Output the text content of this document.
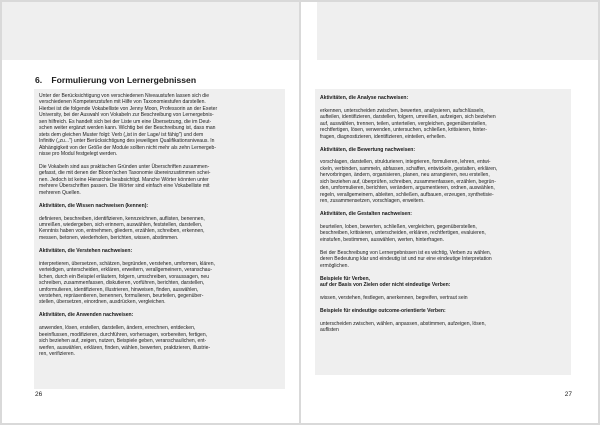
6. Formulierung von Lernergebnissen

Unter der Berücksichtigung von verschiedenen Niveaustufen lassen sich die

verschiedenen Kompetenzstufen mit Hilfe von Taxonomiestufen darstellen.

Hierbei ist die folgende Vokabelliste von Jenny Moon, Professorin an der Exeter

University, bei der Auswahl von Vokabeln zur Beschreibung von Lernergebnis-

sen hilfreich. Es handelt sich bei der Liste um eine Übersetzung, die im Deut-

schen weiter ergänzt werden kann. Wichtig bei der Beschreibung ist, dass man

stets dem gleichen Muster folgt: Verb („ist in der Lage/ ist fähig") und dem

Infinitiv („zu...") unter Berücksichtigung des jeweiligen Qualifikationsniveaus. In

Abhängigkeit von der Größe der Module sollten nicht mehr als zehn Lernergeb-

nisse pro Modul festgelegt werden.

Die Vokabeln sind aus praktischen Gründen unter Überschriften zusammen-

gefasst, die mit denen der Bloom'schen Taxonomie übereinzustimmen schei-

nen. Jedoch ist keine Hierarchie beabsichtigt. Manche Wörter könnten unter

mehrere Überschriften passen. Die Wörter sind einfach eine Vokabelliste mit

mehreren Quellen.

Aktivitäten, die Wissen nachweisen (kennen):

definieren, beschreiben, identifizieren, kennzeichnen, auflisten, benennen,

umreißen, wiedergeben, sich erinnern, auswählen, feststellen, darstellen,

Kenntnis haben von, entnehmen, gliedern, erzählen, schreiben, erkennen,

messen, betonen, wiederholen, berichten, wissen, abstimmen.

Aktivitäten, die Verstehen nachweisen:

interpretieren, übersetzen, schätzen, begründen, verstehen, umformen, klären,

verteidigen, unterscheiden, erklären, erweitern, verallgemeinern, veranschau-

lichen, durch ein Beispiel erläutern, folgern, umschreiben, voraussagen, neu

schreiben, zusammenfassen, diskutieren, vorführen, berichten, darstellen,

umformulieren, identifizieren, illustrieren, hinweisen, finden, auswählen,

verstehen, repräsentieren, benennen, formulieren, beurteilen, gegenüber-

stellen, übersetzen, einordnen, ausdrücken, vergleichen.

Aktivitäten, die Anwenden nachweisen:

anwenden, lösen, erstellen, darstellen, ändern, errechnen, entdecken,

beeinflussen, modifizieren, durchführen, vorhersagen, vorbereiten, fertigen,

sich beziehen auf, zeigen, nutzen, Beispiele geben, veranschaulichen, ent-

werfen, auswählen, erklären, finden, wählen, bewerten, praktizieren, illustrie-

ren, verifizieren.

26

Aktivitäten, die Analyse nachweisen:

erkennen, unterscheiden zwischen, bewerten, analysieren, aufschlüsseln,

aufteilen, identifizieren, darstellen, folgern, umreißen, aufzeigen, sich beziehen

auf, auswählen, trennen, teilen, unterteilen, vergleichen, gegenüberstellen,

rechtfertigen, lösen, verwenden, untersuchen, schließen, kritisieren, hinter-

fragen, diagnostizieren, identifizieren, einteilen, erhellen.

Aktivitäten, die Bewertung nachweisen:

vorschlagen, darstellen, strukturieren, integrieren, formulieren, lehren, entwi-

ckeln, verbinden, sammeln, abfassen, schaffen, entwickeln, gestalten, erklären,

hervorbringen, ändern, organisieren, planen, neu arrangieren, neu erstellen,

sich beziehen auf, überprüfen, schreiben, zusammenfassen, erzählen, begrün-

den, umformulieren, berichten, verändern, argumentieren, ordnen, auswählen,

regeln, verallgemeinern, ableiten, schließen, aufbauen, erzeugen, synthetisie-

ren, zusammensetzen, vorschlagen, erweitern.

Aktivitäten, die Gestalten nachweisen:

beurteilen, loben, bewerten, schließen, vergleichen, gegenüberstellen,

beschreiben, kritisieren, unterscheiden, erklären, rechtfertigen, evaluieren,

einstufen, bestimmen, auswählen, werten, hinterfragen.

Bei der Beschreibung von Lernergebnissen ist es wichtig, Verben zu wählen,

deren Bedeutung klar und eindeutig ist und nur eine eindeutige Interpretation

ermöglichen.

Beispiele für Verben,

auf der Basis von Zielen oder nicht eindeutige Verben:

wissen, verstehen, festlegen, anerkennen, begreifen, vertraut sein

Beispiele für eindeutige outcome-orientierte Verben:

unterscheiden zwischen, wählen, anpassen, abstimmen, aufzeigen, lösen,

auflisten

27
